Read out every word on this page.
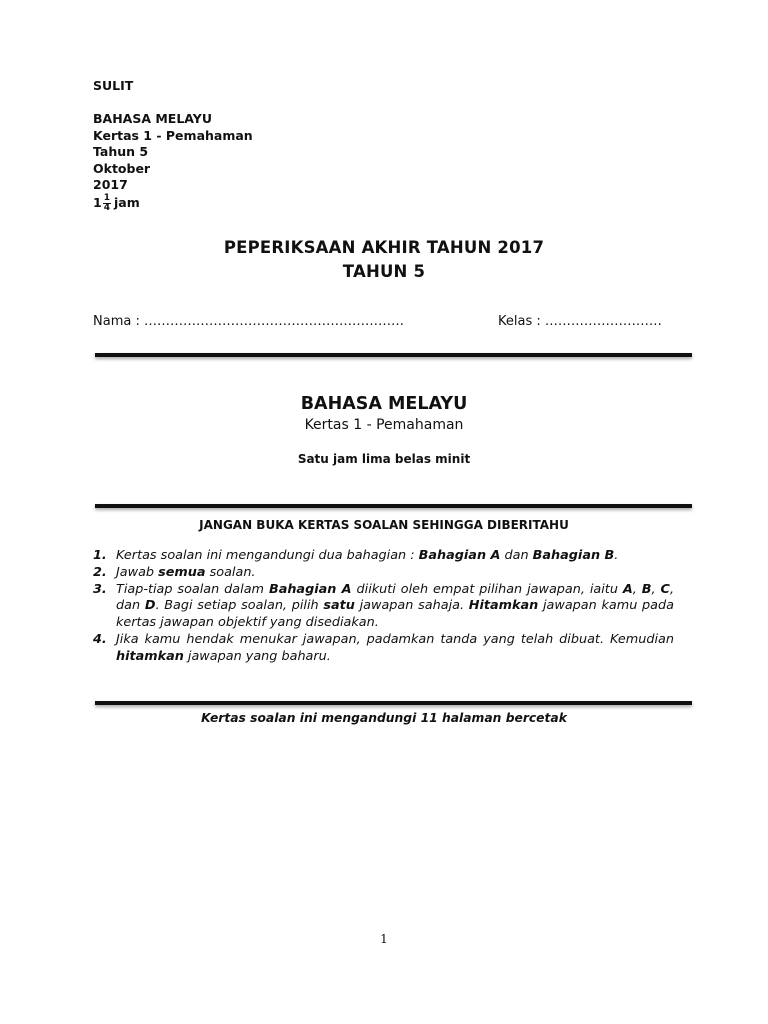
SULIT
BAHASA MELAYU
Kertas 1 - Pemahaman
Tahun 5
Oktober
2017
$1 \frac{1}{4}$ jam
PEPERIKSAAN AKHIR TAHUN 2017
TAHUN 5
Nama : ……………………………………………………	Kelas : ………………………
BAHASA MELAYU
Kertas 1 - Pemahaman
Satu jam lima belas minit
JANGAN BUKA KERTAS SOALAN SEHINGGA DIBERITAHU
1. Kertas soalan ini mengandungi dua bahagian : Bahagian A dan Bahagian B.
2. Jawab semua soalan.
3. Tiap-tiap soalan dalam Bahagian A diikuti oleh empat pilihan jawapan, iaitu A, B, C, dan D. Bagi setiap soalan, pilih satu jawapan sahaja. Hitamkan jawapan kamu pada kertas jawapan objektif yang disediakan.
4. Jika kamu hendak menukar jawapan, padamkan tanda yang telah dibuat. Kemudian hitamkan jawapan yang baharu.
Kertas soalan ini mengandungi 11 halaman bercetak
1
